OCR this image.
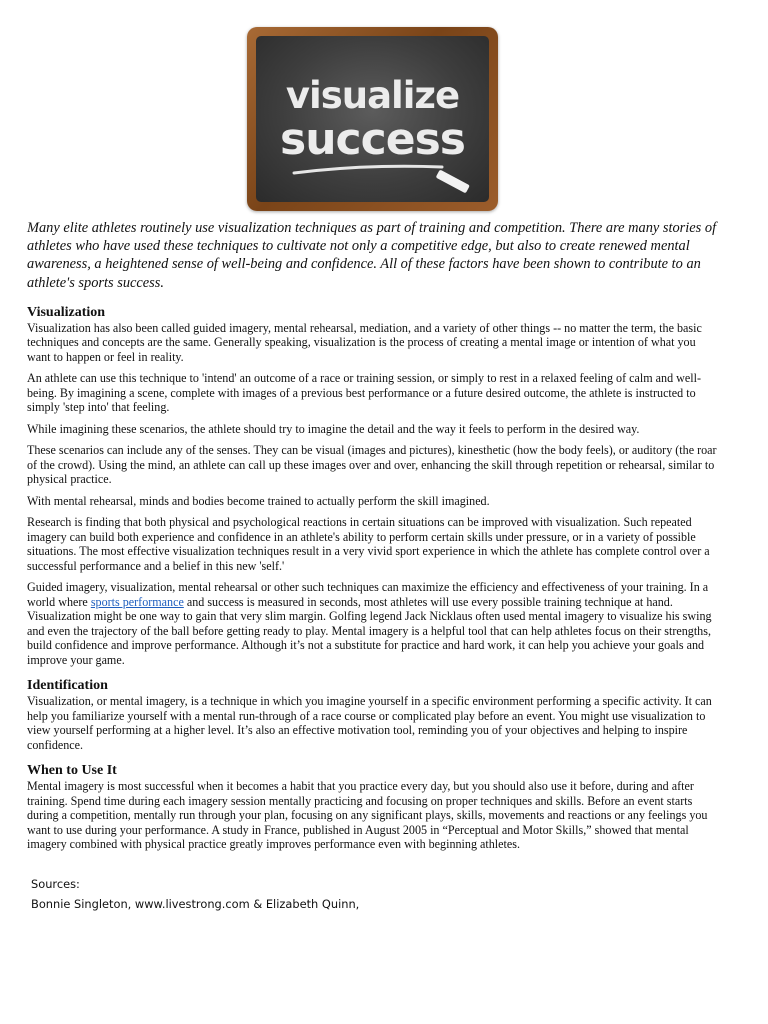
visualize
success

Many elite athletes routinely use visualization techniques as part of training and competition. There are many stories of athletes who have used these techniques to cultivate not only a competitive edge, but also to create renewed mental awareness, a heightened sense of well-being and confidence. All of these factors have been shown to contribute to an athlete's sports success.

Visualization

Visualization has also been called guided imagery, mental rehearsal, mediation, and a variety of other things -- no matter the term, the basic techniques and concepts are the same. Generally speaking, visualization is the process of creating a mental image or intention of what you want to happen or feel in reality.

An athlete can use this technique to 'intend' an outcome of a race or training session, or simply to rest in a relaxed feeling of calm and well-being. By imagining a scene, complete with images of a previous best performance or a future desired outcome, the athlete is instructed to simply 'step into' that feeling.

While imagining these scenarios, the athlete should try to imagine the detail and the way it feels to perform in the desired way.

These scenarios can include any of the senses. They can be visual (images and pictures), kinesthetic (how the body feels), or auditory (the roar of the crowd). Using the mind, an athlete can call up these images over and over, enhancing the skill through repetition or rehearsal, similar to physical practice.

With mental rehearsal, minds and bodies become trained to actually perform the skill imagined.

Research is finding that both physical and psychological reactions in certain situations can be improved with visualization. Such repeated imagery can build both experience and confidence in an athlete's ability to perform certain skills under pressure, or in a variety of possible situations. The most effective visualization techniques result in a very vivid sport experience in which the athlete has complete control over a successful performance and a belief in this new 'self.'

Guided imagery, visualization, mental rehearsal or other such techniques can maximize the efficiency and effectiveness of your training. In a world where sports performance and success is measured in seconds, most athletes will use every possible training technique at hand. Visualization might be one way to gain that very slim margin. Golfing legend Jack Nicklaus often used mental imagery to visualize his swing and even the trajectory of the ball before getting ready to play. Mental imagery is a helpful tool that can help athletes focus on their strengths, build confidence and improve performance. Although it’s not a substitute for practice and hard work, it can help you achieve your goals and improve your game.

Identification

Visualization, or mental imagery, is a technique in which you imagine yourself in a specific environment performing a specific activity. It can help you familiarize yourself with a mental run-through of a race course or complicated play before an event. You might use visualization to view yourself performing at a higher level. It’s also an effective motivation tool, reminding you of your objectives and helping to inspire confidence.

When to Use It

Mental imagery is most successful when it becomes a habit that you practice every day, but you should also use it before, during and after training. Spend time during each imagery session mentally practicing and focusing on proper techniques and skills. Before an event starts during a competition, mentally run through your plan, focusing on any significant plays, skills, movements and reactions or any feelings you want to use during your performance. A study in France, published in August 2005 in “Perceptual and Motor Skills,” showed that mental imagery combined with physical practice greatly improves performance even with beginning athletes.

Sources:
Bonnie Singleton, www.livestrong.com & Elizabeth Quinn,
